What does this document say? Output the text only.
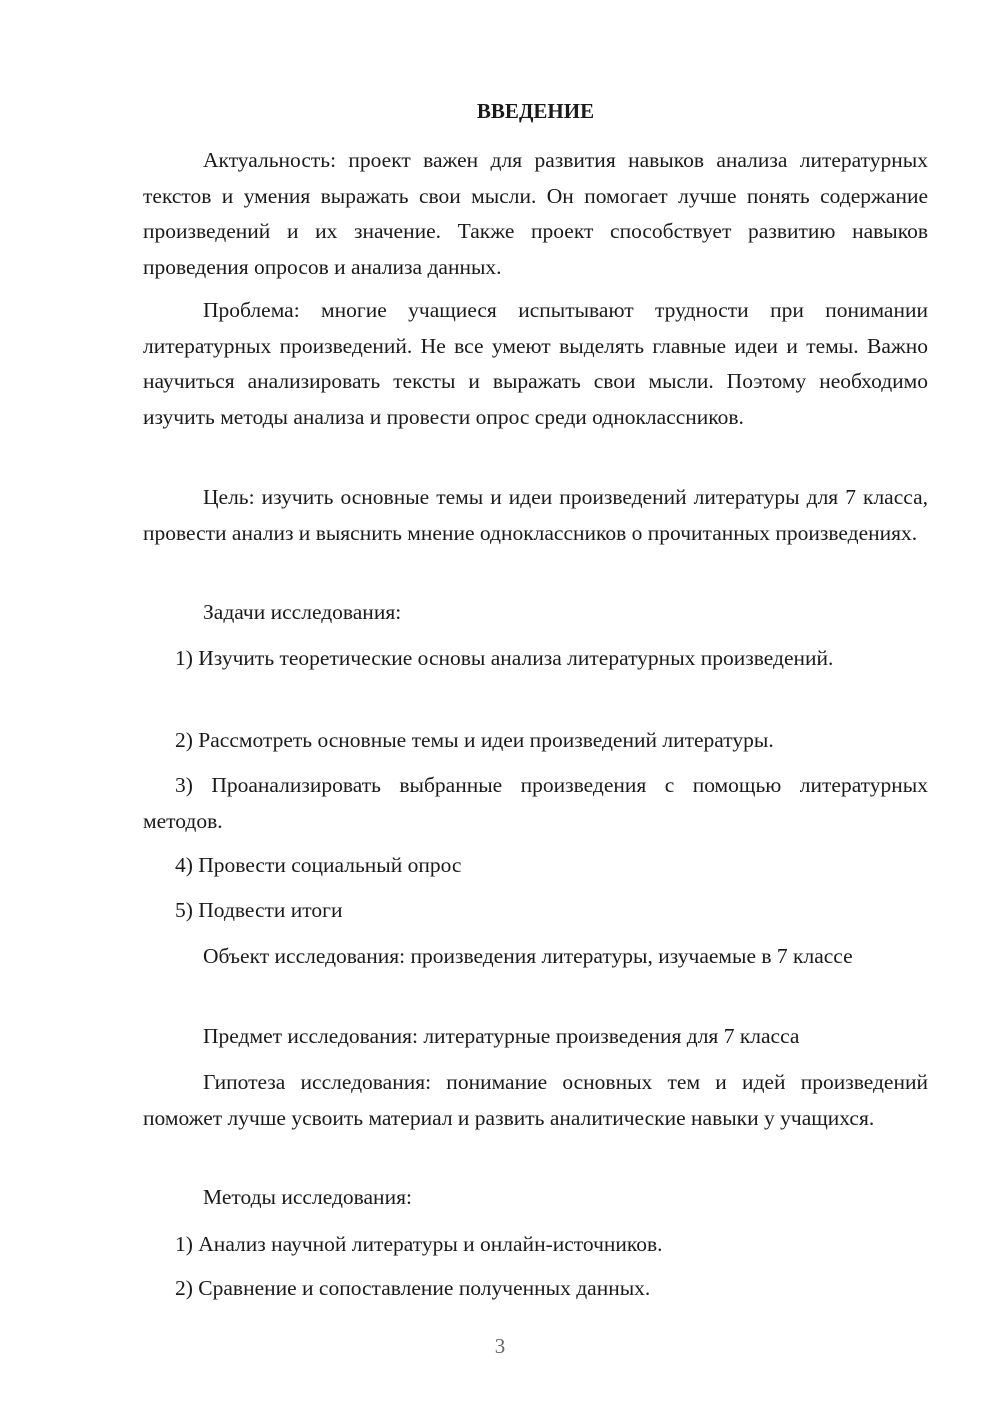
ВВЕДЕНИЕ

Актуальность: проект важен для развития навыков анализа литературных текстов и умения выражать свои мысли. Он помогает лучше понять содержание произведений и их значение. Также проект способствует развитию навыков проведения опросов и анализа данных.

Проблема: многие учащиеся испытывают трудности при понимании литературных произведений. Не все умеют выделять главные идеи и темы. Важно научиться анализировать тексты и выражать свои мысли. Поэтому необходимо изучить методы анализа и провести опрос среди одноклассников.

Цель: изучить основные темы и идеи произведений литературы для 7 класса, провести анализ и выяснить мнение одноклассников о прочитанных произведениях.

Задачи исследования:

1) Изучить теоретические основы анализа литературных произведений.

2) Рассмотреть основные темы и идеи произведений литературы.

3) Проанализировать выбранные произведения с помощью литературных методов.

4) Провести социальный опрос

5) Подвести итоги

Объект исследования: произведения литературы, изучаемые в 7 классе

Предмет исследования: литературные произведения для 7 класса

Гипотеза исследования: понимание основных тем и идей произведений поможет лучше усвоить материал и развить аналитические навыки у учащихся.

Методы исследования:

1) Анализ научной литературы и онлайн-источников.

2) Сравнение и сопоставление полученных данных.

3
